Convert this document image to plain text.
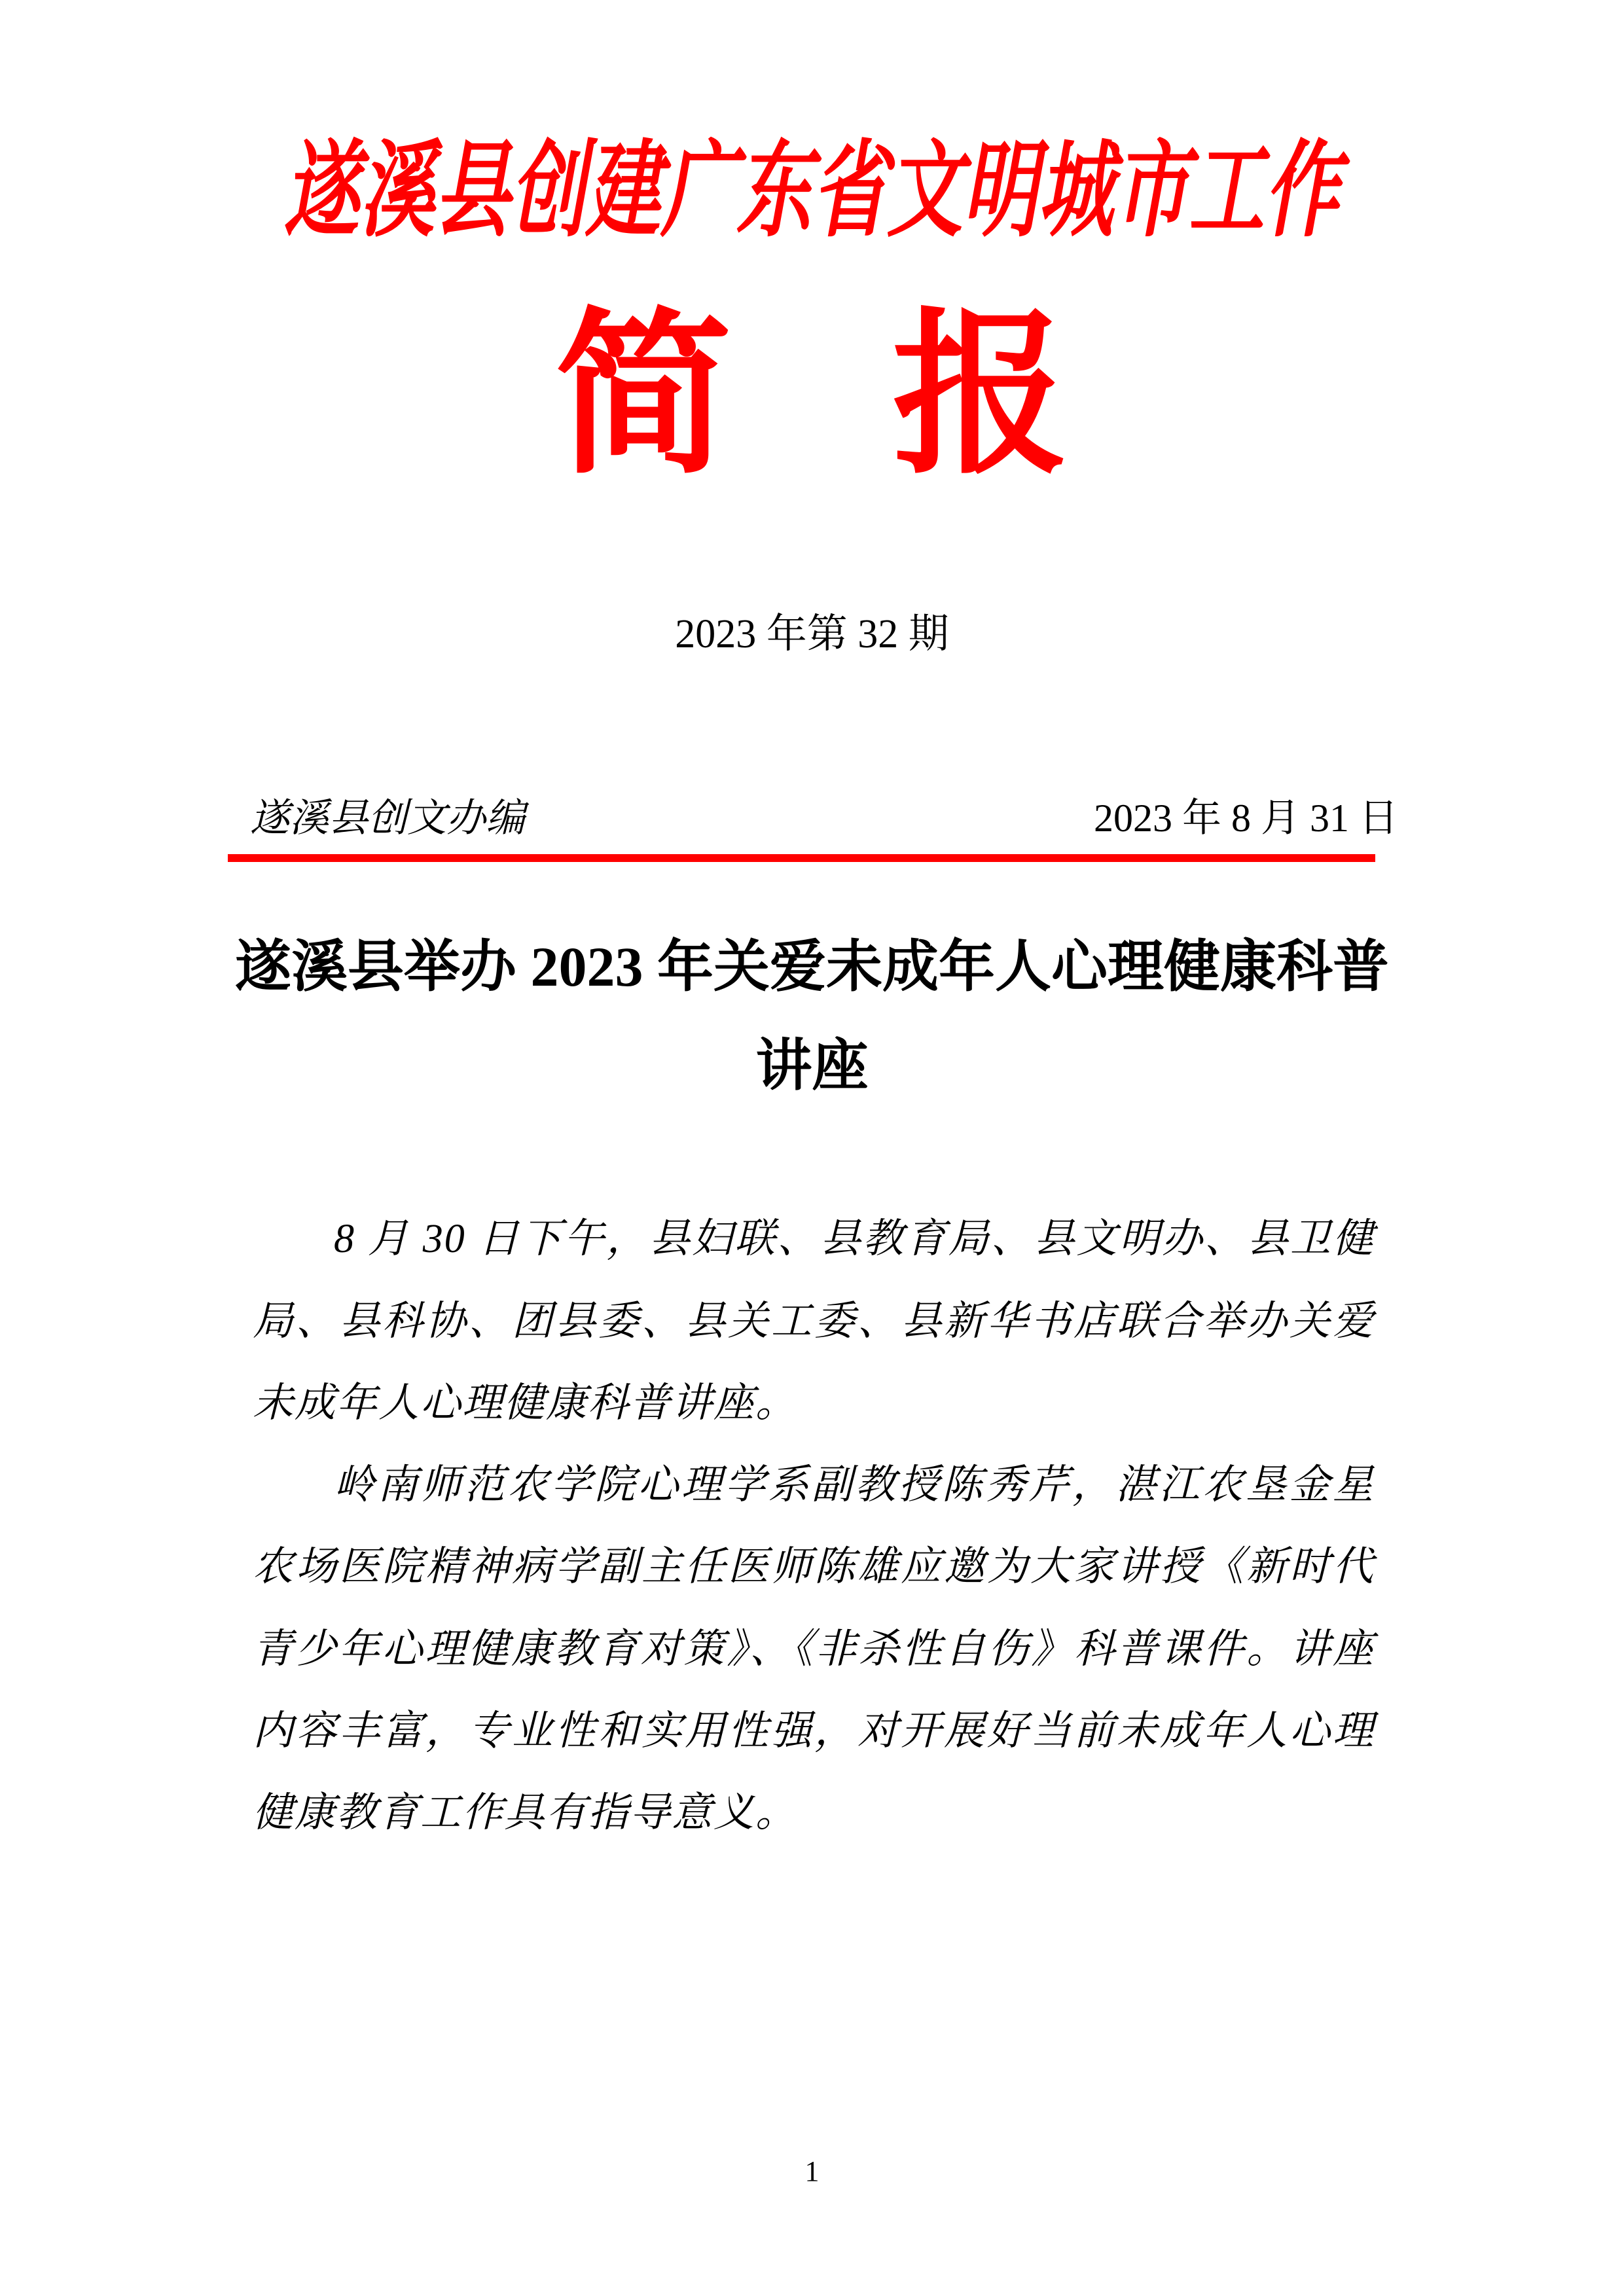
遂溪县创建广东省文明城市工作
简 报
2023 年第 32 期
遂溪县创文办编	2023 年 8 月 31 日
遂溪县举办 2023 年关爱未成年人心理健康科普
讲座

8 月 30 日下午，县妇联、县教育局、县文明办、县卫健局、县科协、团县委、县关工委、县新华书店联合举办关爱未成年人心理健康科普讲座。

岭南师范农学院心理学系副教授陈秀芹，湛江农垦金星农场医院精神病学副主任医师陈雄应邀为大家讲授《新时代青少年心理健康教育对策》、《非杀性自伤》科普课件。讲座内容丰富，专业性和实用性强，对开展好当前未成年人心理健康教育工作具有指导意义。

1
